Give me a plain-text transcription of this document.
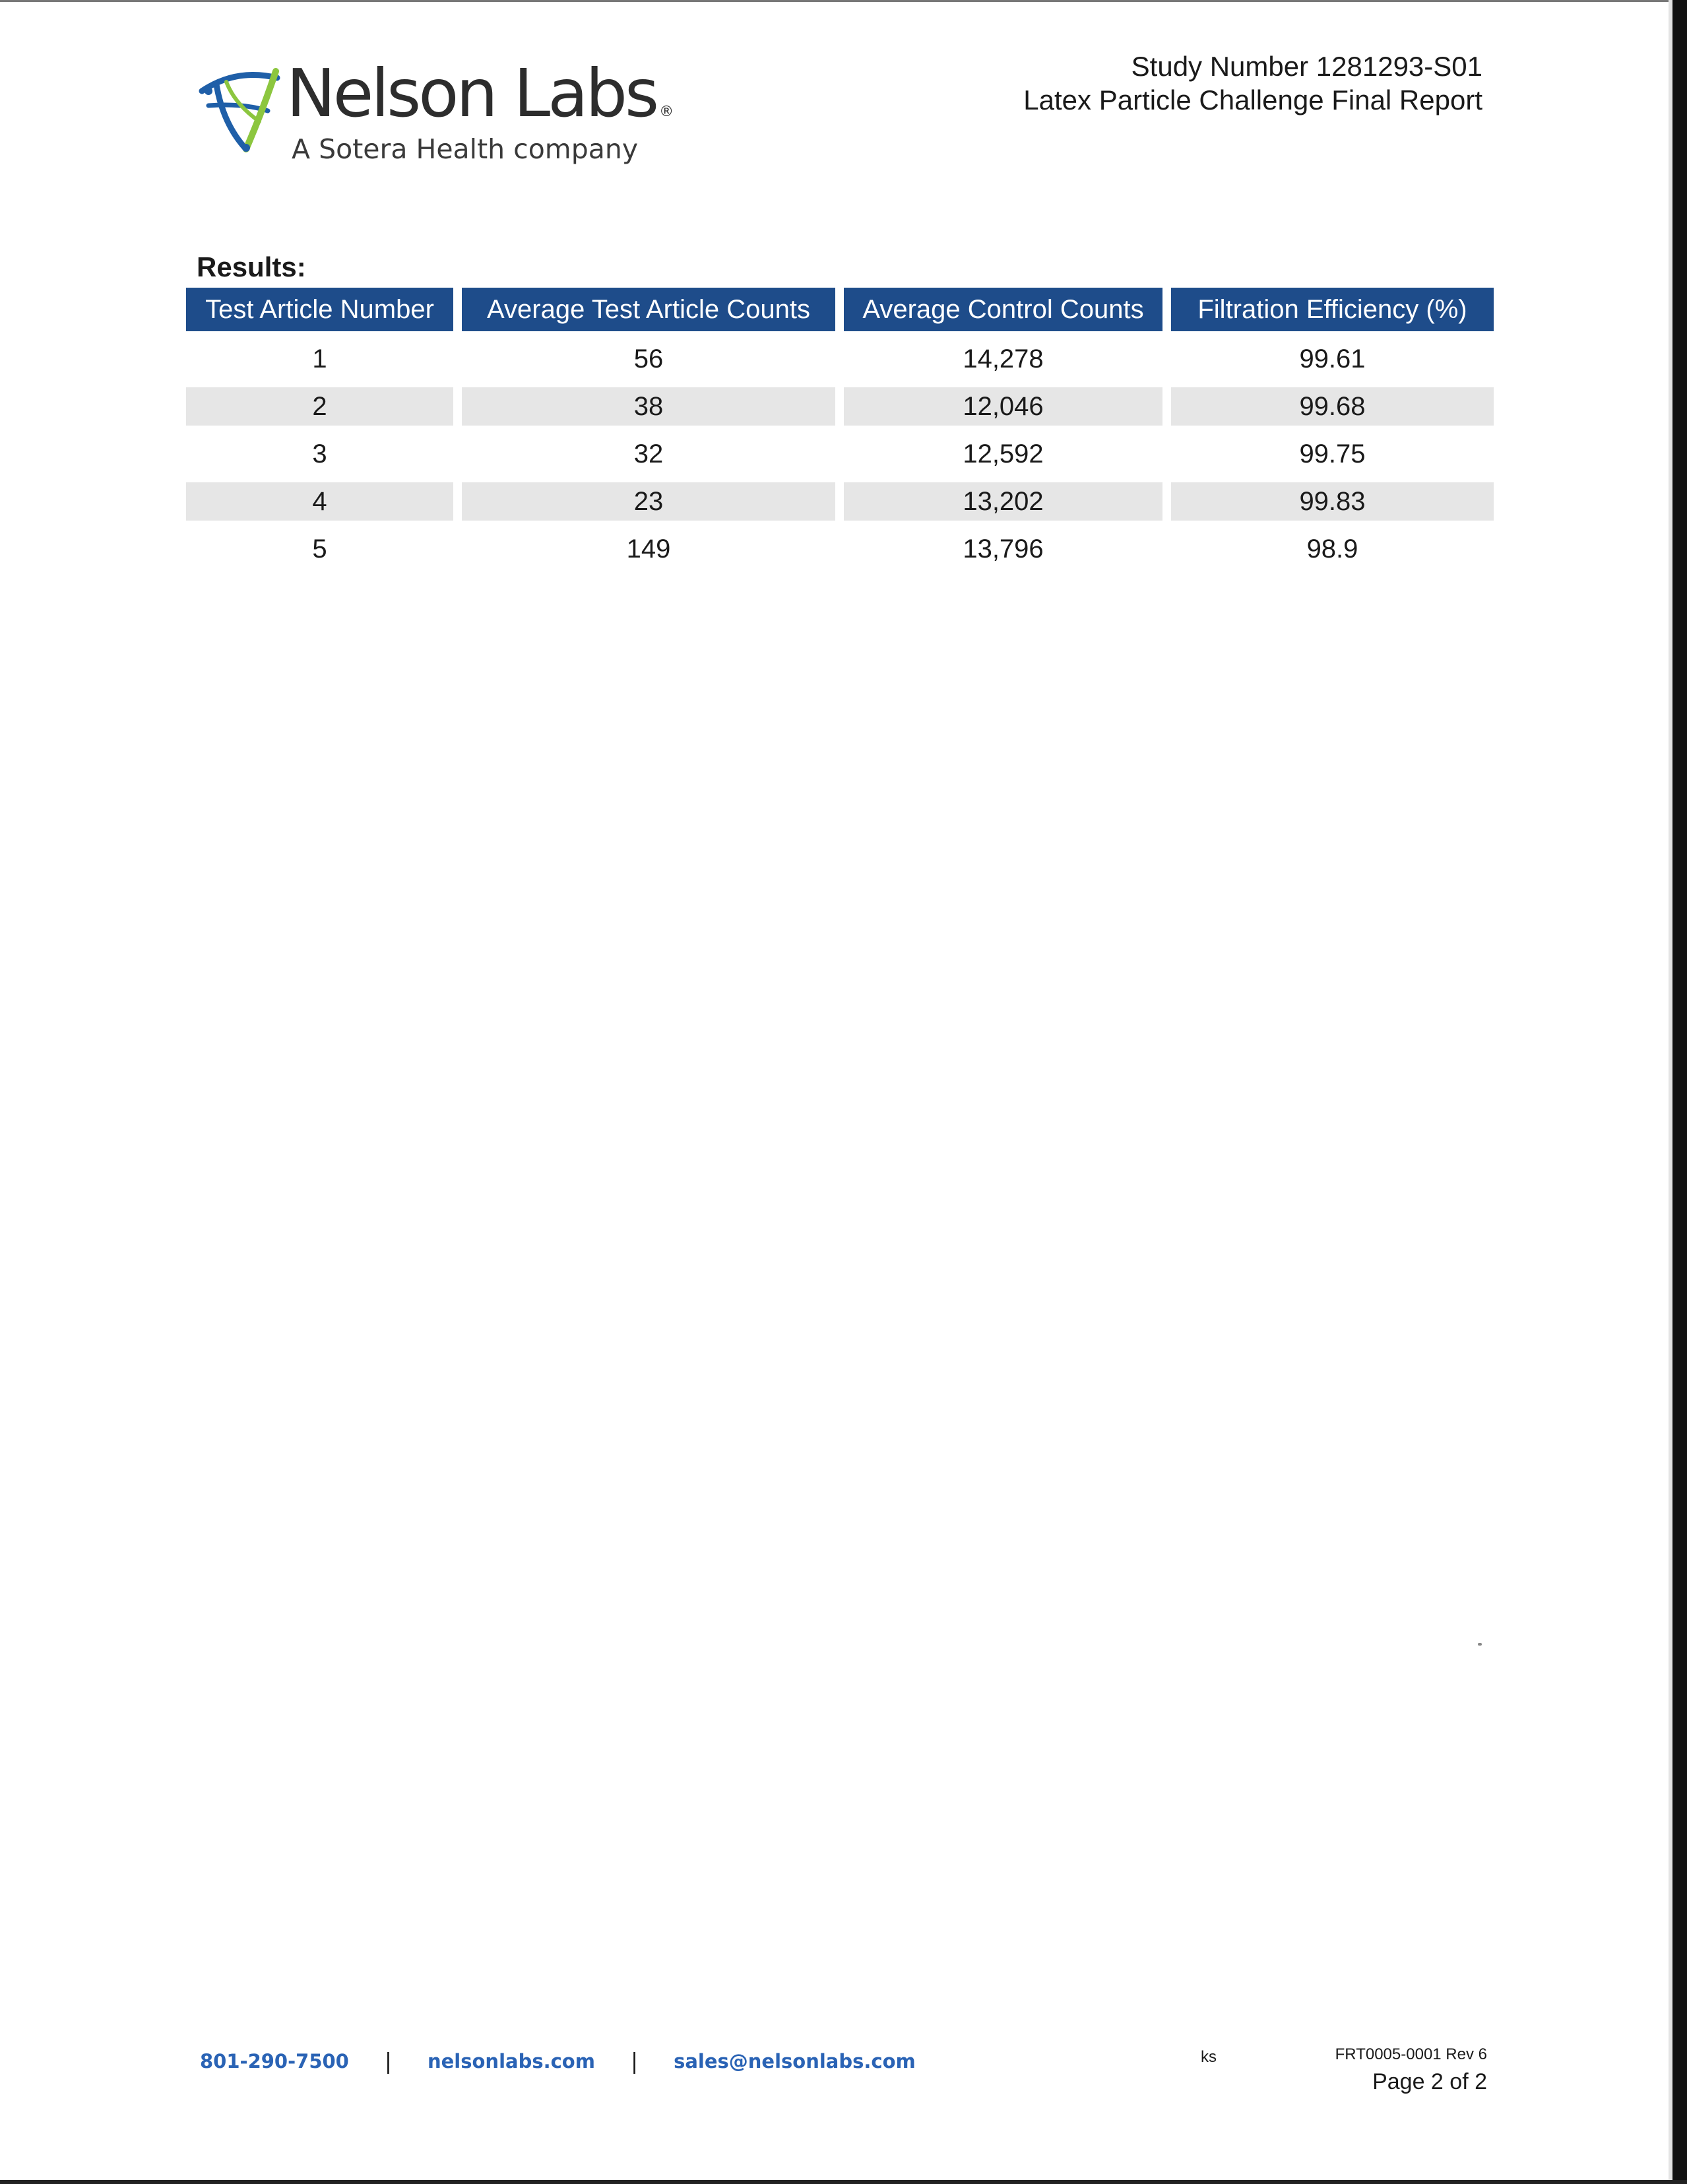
Nelson Labs ®
A Sotera Health company
Study Number 1281293-S01
Latex Particle Challenge Final Report
Results:
Test Article Number	Average Test Article Counts	Average Control Counts	Filtration Efficiency (%)
1	56	14,278	99.61
2	38	12,046	99.68
3	32	12,592	99.75
4	23	13,202	99.83
5	149	13,796	98.9
801-290-7500 | nelsonlabs.com | sales@nelsonlabs.com	ks	FRT0005-0001 Rev 6
Page 2 of 2
